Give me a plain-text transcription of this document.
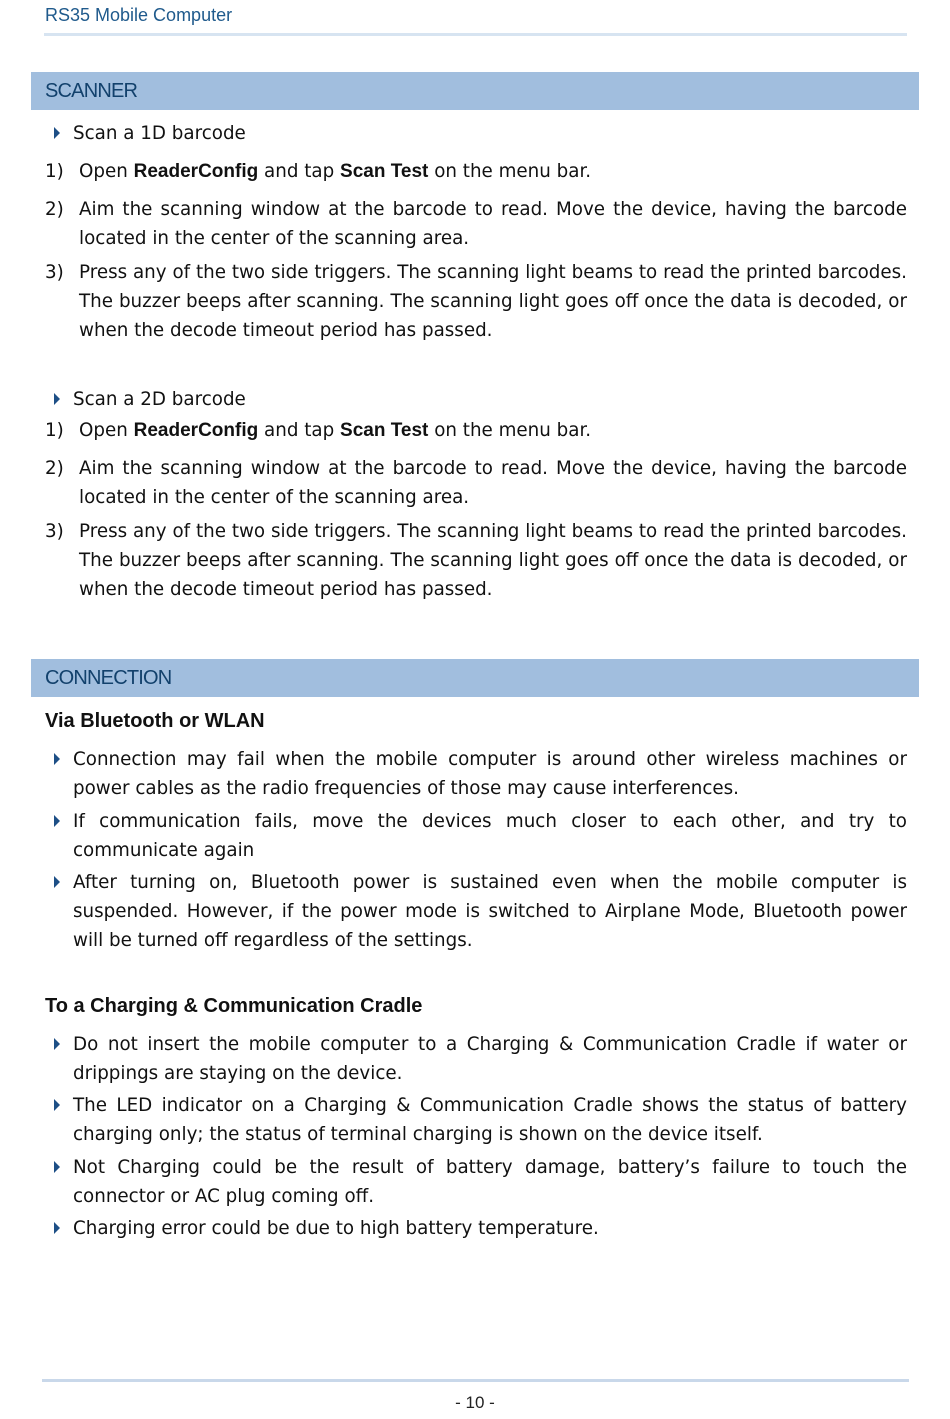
RS35 Mobile Computer
SCANNER
Scan a 1D barcode
1) Open ReaderConfig and tap Scan Test on the menu bar.
2) Aim the scanning window at the barcode to read. Move the device, having the barcode located in the center of the scanning area.
3) Press any of the two side triggers. The scanning light beams to read the printed barcodes. The buzzer beeps after scanning. The scanning light goes off once the data is decoded, or when the decode timeout period has passed.
Scan a 2D barcode
1) Open ReaderConfig and tap Scan Test on the menu bar.
2) Aim the scanning window at the barcode to read. Move the device, having the barcode located in the center of the scanning area.
3) Press any of the two side triggers. The scanning light beams to read the printed barcodes. The buzzer beeps after scanning. The scanning light goes off once the data is decoded, or when the decode timeout period has passed.
CONNECTION
Via Bluetooth or WLAN
Connection may fail when the mobile computer is around other wireless machines or power cables as the radio frequencies of those may cause interferences.
If communication fails, move the devices much closer to each other, and try to communicate again
After turning on, Bluetooth power is sustained even when the mobile computer is suspended. However, if the power mode is switched to Airplane Mode, Bluetooth power will be turned off regardless of the settings.
To a Charging & Communication Cradle
Do not insert the mobile computer to a Charging & Communication Cradle if water or drippings are staying on the device.
The LED indicator on a Charging & Communication Cradle shows the status of battery charging only; the status of terminal charging is shown on the device itself.
Not Charging could be the result of battery damage, battery’s failure to touch the connector or AC plug coming off.
Charging error could be due to high battery temperature.
- 10 -
